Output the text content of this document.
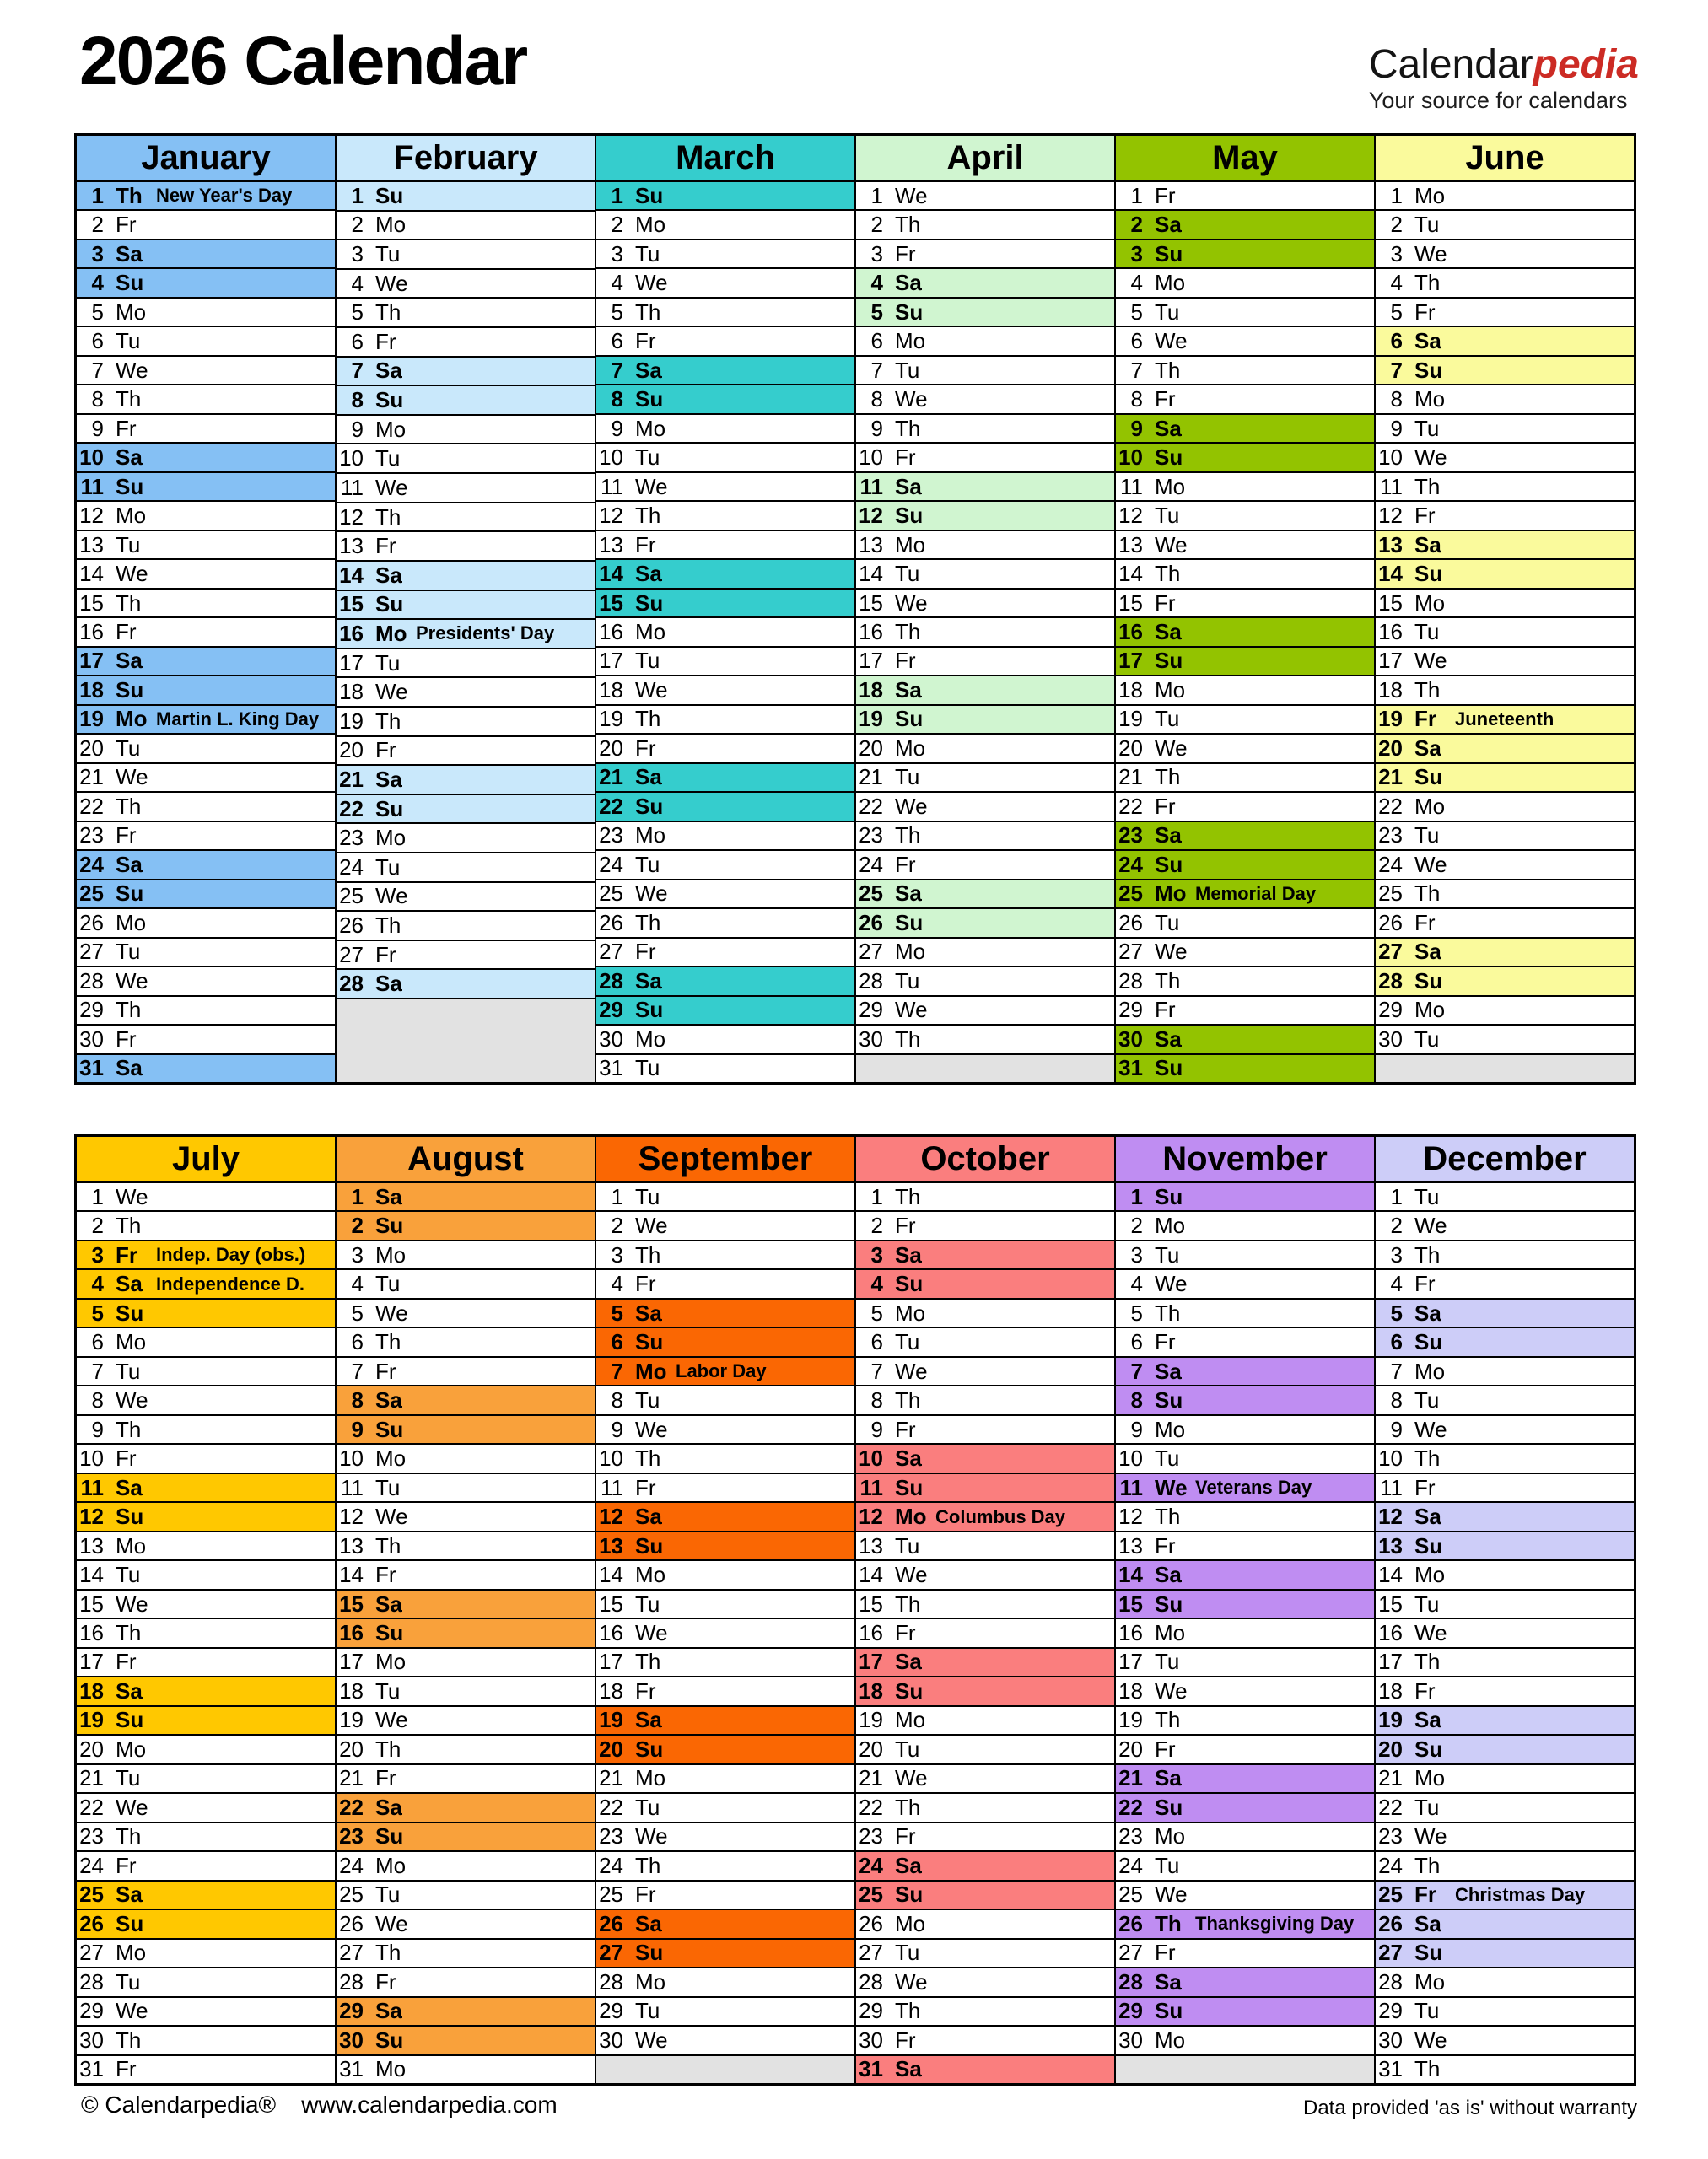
2026 Calendar	Calendarpedia
Your source for calendars
January
1 Th New Year's Day
2 Fr
3 Sa
4 Su
5 Mo
6 Tu
7 We
8 Th
9 Fr
10 Sa
11 Su
12 Mo
13 Tu
14 We
15 Th
16 Fr
17 Sa
18 Su
19 Mo Martin L. King Day
20 Tu
21 We
22 Th
23 Fr
24 Sa
25 Su
26 Mo
27 Tu
28 We
29 Th
30 Fr
31 Sa
February
1 Su
2 Mo
3 Tu
4 We
5 Th
6 Fr
7 Sa
8 Su
9 Mo
10 Tu
11 We
12 Th
13 Fr
14 Sa
15 Su
16 Mo Presidents' Day
17 Tu
18 We
19 Th
20 Fr
21 Sa
22 Su
23 Mo
24 Tu
25 We
26 Th
27 Fr
28 Sa
March
1 Su
2 Mo
3 Tu
4 We
5 Th
6 Fr
7 Sa
8 Su
9 Mo
10 Tu
11 We
12 Th
13 Fr
14 Sa
15 Su
16 Mo
17 Tu
18 We
19 Th
20 Fr
21 Sa
22 Su
23 Mo
24 Tu
25 We
26 Th
27 Fr
28 Sa
29 Su
30 Mo
31 Tu
April
1 We
2 Th
3 Fr
4 Sa
5 Su
6 Mo
7 Tu
8 We
9 Th
10 Fr
11 Sa
12 Su
13 Mo
14 Tu
15 We
16 Th
17 Fr
18 Sa
19 Su
20 Mo
21 Tu
22 We
23 Th
24 Fr
25 Sa
26 Su
27 Mo
28 Tu
29 We
30 Th
May
1 Fr
2 Sa
3 Su
4 Mo
5 Tu
6 We
7 Th
8 Fr
9 Sa
10 Su
11 Mo
12 Tu
13 We
14 Th
15 Fr
16 Sa
17 Su
18 Mo
19 Tu
20 We
21 Th
22 Fr
23 Sa
24 Su
25 Mo Memorial Day
26 Tu
27 We
28 Th
29 Fr
30 Sa
31 Su
June
1 Mo
2 Tu
3 We
4 Th
5 Fr
6 Sa
7 Su
8 Mo
9 Tu
10 We
11 Th
12 Fr
13 Sa
14 Su
15 Mo
16 Tu
17 We
18 Th
19 Fr	Juneteenth
20 Sa
21 Su
22 Mo
23 Tu
24 We
25 Th
26 Fr
27 Sa
28 Su
29 Mo
30 Tu
July
1 We
2 Th
3 Fr	Indep. Day (obs.)
4 Sa Independence D.
5 Su
6 Mo
7 Tu
8 We
9 Th
10 Fr
11 Sa
12 Su
13 Mo
14 Tu
15 We
16 Th
17 Fr
18 Sa
19 Su
20 Mo
21 Tu
22 We
23 Th
24 Fr
25 Sa
26 Su
27 Mo
28 Tu
29 We
30 Th
31 Fr
August
1 Sa
2 Su
3 Mo
4 Tu
5 We
6 Th
7 Fr
8 Sa
9 Su
10 Mo
11 Tu
12 We
13 Th
14 Fr
15 Sa
16 Su
17 Mo
18 Tu
19 We
20 Th
21 Fr
22 Sa
23 Su
24 Mo
25 Tu
26 We
27 Th
28 Fr
29 Sa
30 Su
31 Mo
September
1 Tu
2 We
3 Th
4 Fr
5 Sa
6 Su
7 Mo Labor Day
8 Tu
9 We
10 Th
11 Fr
12 Sa
13 Su
14 Mo
15 Tu
16 We
17 Th
18 Fr
19 Sa
20 Su
21 Mo
22 Tu
23 We
24 Th
25 Fr
26 Sa
27 Su
28 Mo
29 Tu
30 We
October
1 Th
2 Fr
3 Sa
4 Su
5 Mo
6 Tu
7 We
8 Th
9 Fr
10 Sa
11 Su
12 Mo Columbus Day
13 Tu
14 We
15 Th
16 Fr
17 Sa
18 Su
19 Mo
20 Tu
21 We
22 Th
23 Fr
24 Sa
25 Su
26 Mo
27 Tu
28 We
29 Th
30 Fr
31 Sa
November
1 Su
2 Mo
3 Tu
4 We
5 Th
6 Fr
7 Sa
8 Su
9 Mo
10 Tu
11 We Veterans Day
12 Th
13 Fr
14 Sa
15 Su
16 Mo
17 Tu
18 We
19 Th
20 Fr
21 Sa
22 Su
23 Mo
24 Tu
25 We
26 Th Thanksgiving Day
27 Fr
28 Sa
29 Su
30 Mo
December
1 Tu
2 We
3 Th
4 Fr
5 Sa
6 Su
7 Mo
8 Tu
9 We
10 Th
11 Fr
12 Sa
13 Su
14 Mo
15 Tu
16 We
17 Th
18 Fr
19 Sa
20 Su
21 Mo
22 Tu
23 We
24 Th
25 Fr	Christmas Day
26 Sa
27 Su
28 Mo
29 Tu
30 We
31 Th
© Calendarpedia® www.calendarpedia.com	Data provided 'as is' without warranty
